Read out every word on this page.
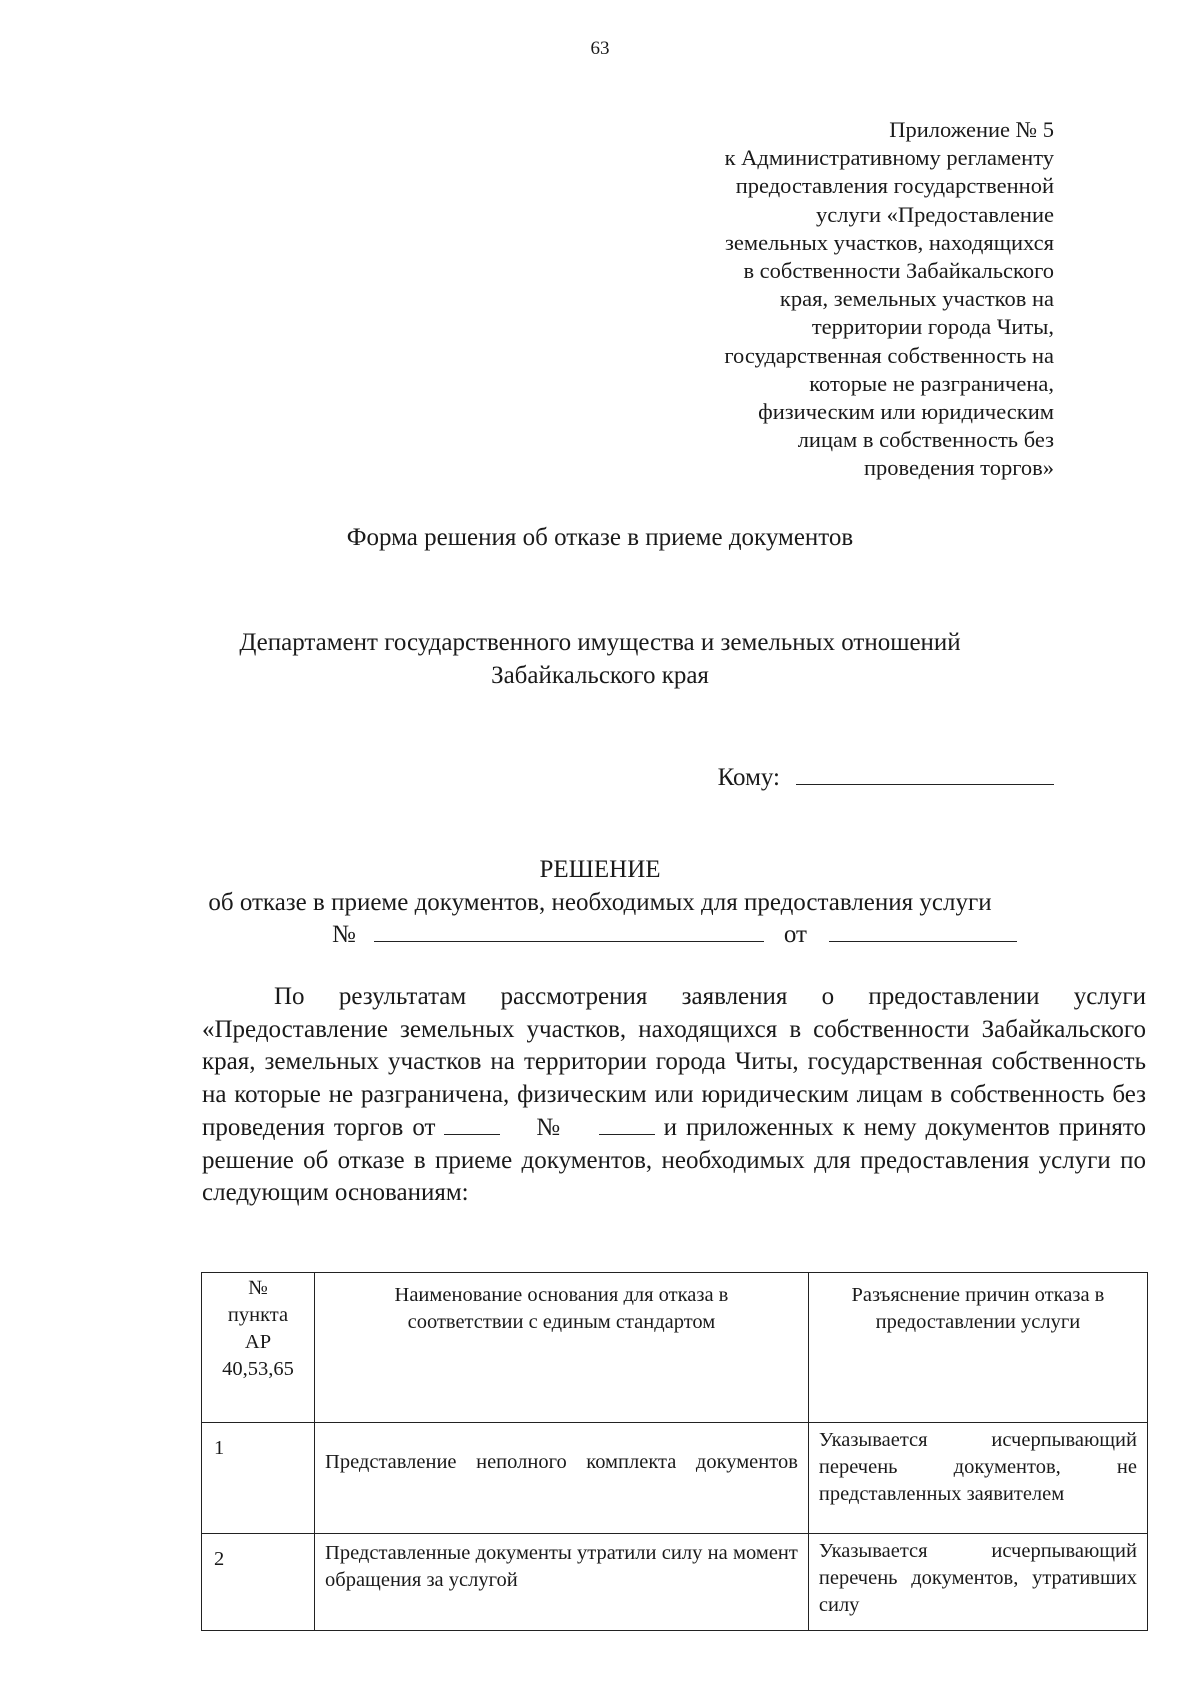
63
Приложение № 5
к Административному регламенту
предоставления государственной
услуги «Предоставление
земельных участков, находящихся
в собственности Забайкальского
края, земельных участков на
территории города Читы,
государственная собственность на
которые не разграничена,
физическим или юридическим
лицам в собственность без
проведения торгов»
Форма решения об отказе в приеме документов
Департамент государственного имущества и земельных отношений
Забайкальского края
Кому:
РЕШЕНИЕ
об отказе в приеме документов, необходимых для предоставления услуги
№	от
По результатам рассмотрения заявления о предоставлении услуги «Предоставление земельных участков, находящихся в собственности Забайкальского края, земельных участков на территории города Читы, государственная собственность на которые не разграничена, физическим или юридическим лицам в собственность без проведения торгов от	№	и приложенных к нему документов принято решение об отказе в приеме документов, необходимых для предоставления услуги по следующим основаниям:
№
пункта
АР
40,53,65	Наименование основания для отказа в соответствии с единым стандартом	Разъяснение причин отказа в предоставлении услуги

1	Представление неполного комплекта документов	Указывается исчерпывающий перечень документов, не представленных заявителем
2	Представленные документы утратили силу на момент обращения за услугой	Указывается исчерпывающий перечень документов, утративших силу
